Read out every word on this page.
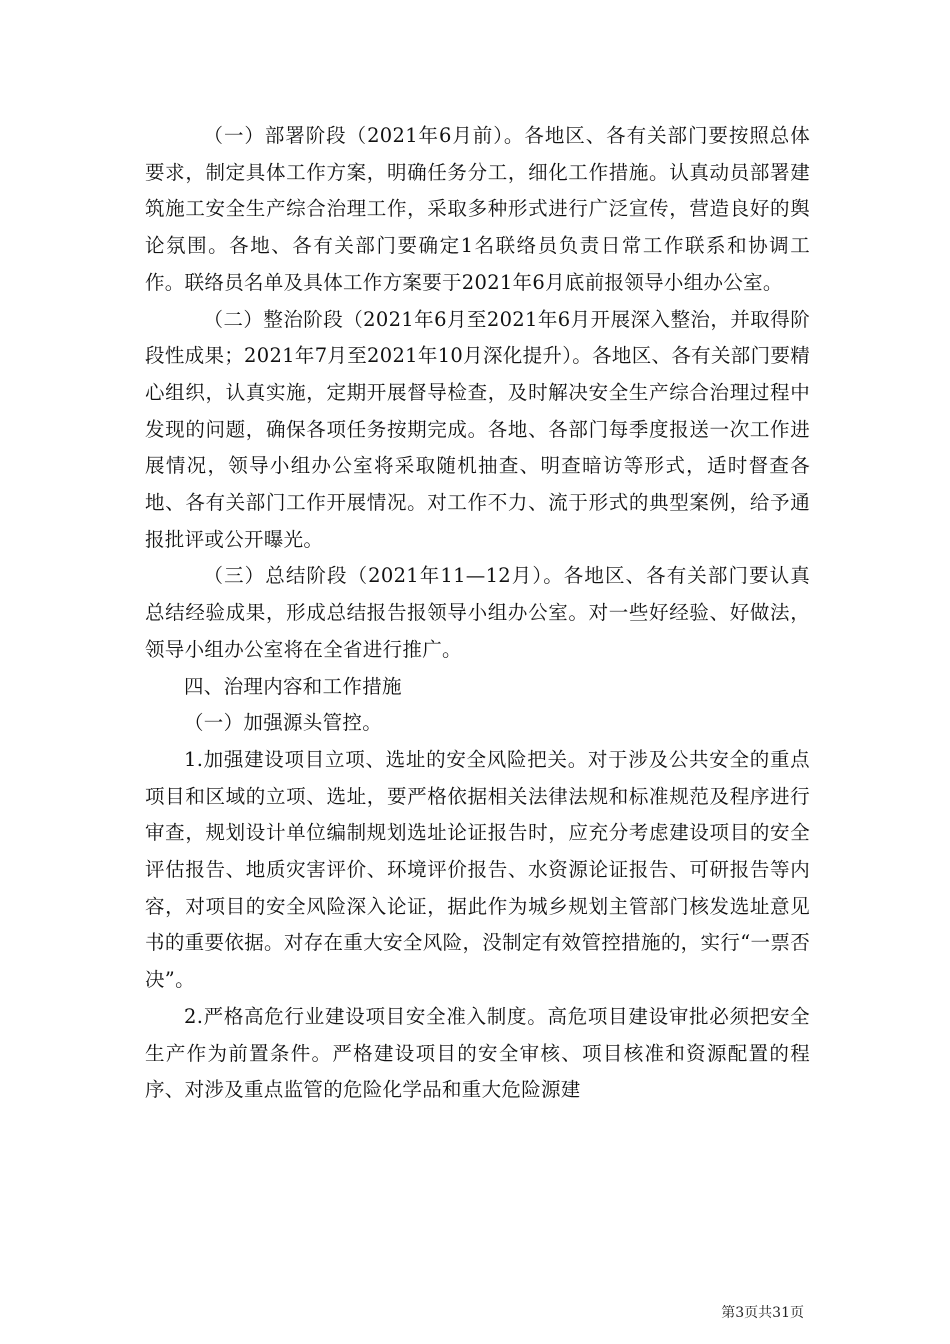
（一）部署阶段（2021年6月前）。各地区、各有关部门要按照总体要求，制定具体工作方案，明确任务分工，细化工作措施。认真动员部署建筑施工安全生产综合治理工作，采取多种形式进行广泛宣传，营造良好的舆论氛围。各地、各有关部门要确定1名联络员负责日常工作联系和协调工作。联络员名单及具体工作方案要于2021年6月底前报领导小组办公室。

（二）整治阶段（2021年6月至2021年6月开展深入整治，并取得阶段性成果；2021年7月至2021年10月深化提升）。各地区、各有关部门要精心组织，认真实施，定期开展督导检查，及时解决安全生产综合治理过程中发现的问题，确保各项任务按期完成。各地、各部门每季度报送一次工作进展情况，领导小组办公室将采取随机抽查、明查暗访等形式，适时督查各地、各有关部门工作开展情况。对工作不力、流于形式的典型案例，给予通报批评或公开曝光。

（三）总结阶段（2021年11—12月）。各地区、各有关部门要认真总结经验成果，形成总结报告报领导小组办公室。对一些好经验、好做法，领导小组办公室将在全省进行推广。

四、治理内容和工作措施

（一）加强源头管控。

1.加强建设项目立项、选址的安全风险把关。对于涉及公共安全的重点项目和区域的立项、选址，要严格依据相关法律法规和标准规范及程序进行审查，规划设计单位编制规划选址论证报告时，应充分考虑建设项目的安全评估报告、地质灾害评价、环境评价报告、水资源论证报告、可研报告等内容，对项目的安全风险深入论证，据此作为城乡规划主管部门核发选址意见书的重要依据。对存在重大安全风险，没制定有效管控措施的，实行“一票否决”。

2.严格高危行业建设项目安全准入制度。高危项目建设审批必须把安全生产作为前置条件。严格建设项目的安全审核、项目核准和资源配置的程序、对涉及重点监管的危险化学品和重大危险源建

第3页共31页
